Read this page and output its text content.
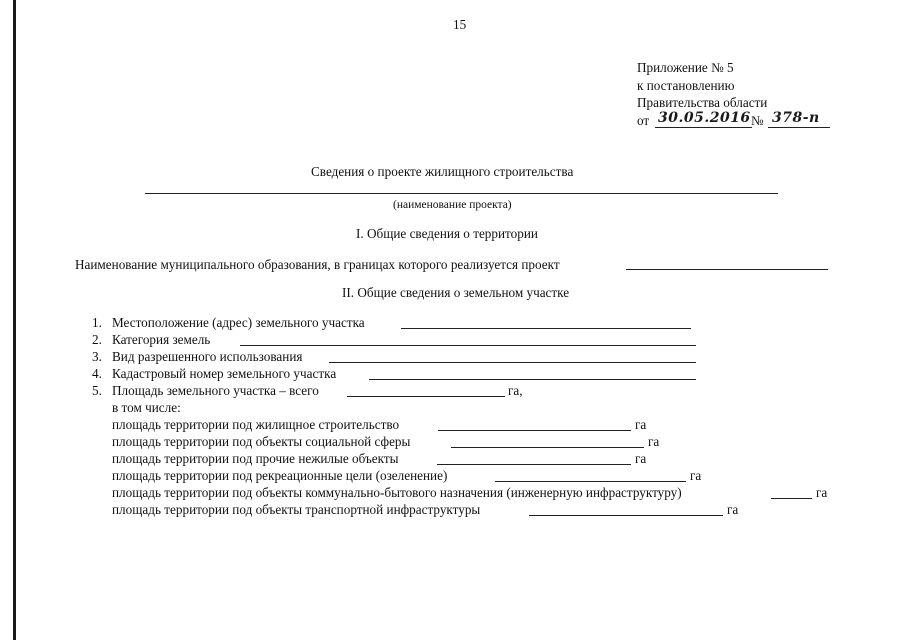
15
Приложение № 5
к постановлению
Правительства области
от 30.05.2016 № 378-п
Сведения о проекте жилищного строительства
(наименование проекта)
I. Общие сведения о территории
Наименование муниципального образования, в границах которого реализуется проект
II. Общие сведения о земельном участке
1. Местоположение (адрес) земельного участка
2. Категория земель
3. Вид разрешенного использования
4. Кадастровый номер земельного участка
5. Площадь земельного участка – всего	га,
в том числе:
площадь территории под жилищное строительство	га
площадь территории под объекты социальной сферы	га
площадь территории под прочие нежилые объекты	га
площадь территории под рекреационные цели (озеленение)	га
площадь территории под объекты коммунально-бытового назначения (инженерную инфраструктуру)	га
площадь территории под объекты транспортной инфраструктуры	га
